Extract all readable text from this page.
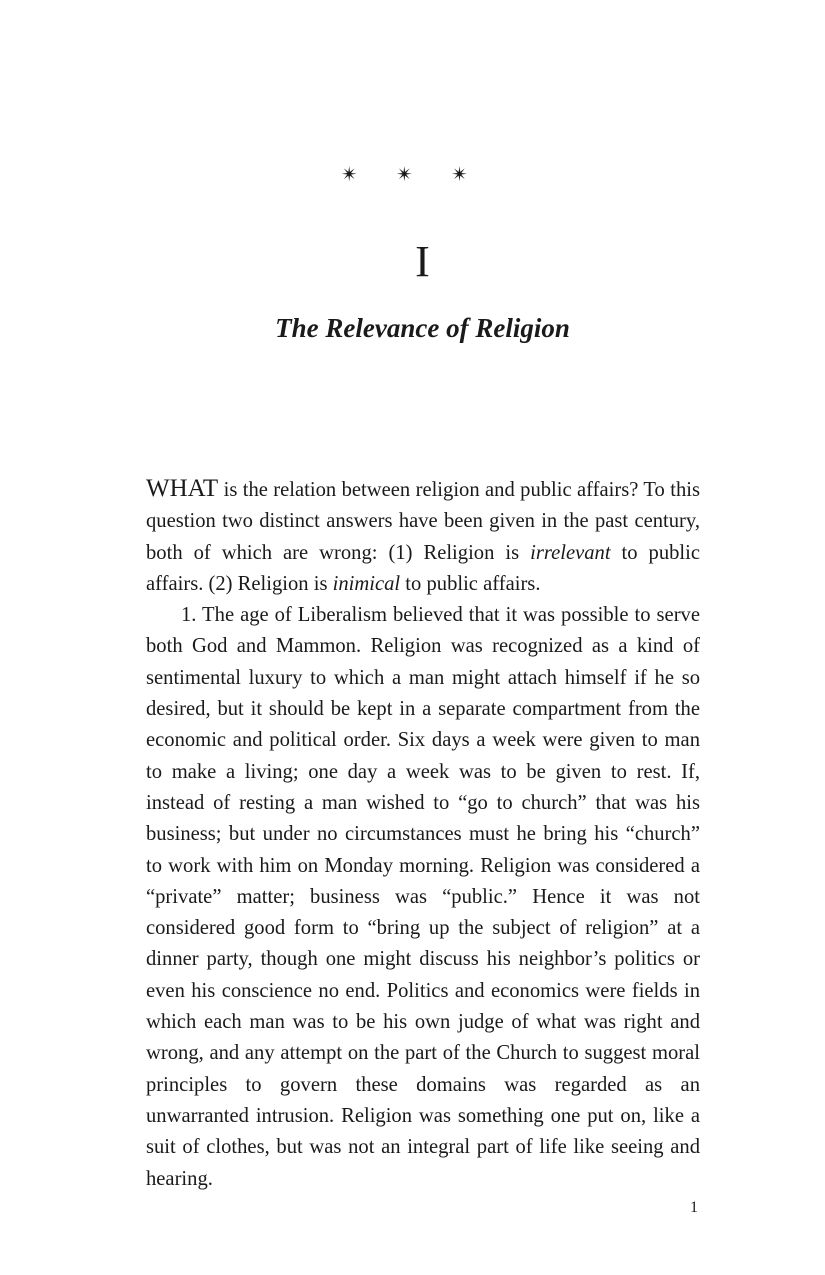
✴ ✴ ✴
I
The Relevance of Religion

WHAT is the relation between religion and public affairs? To this question two distinct answers have been given in the past century, both of which are wrong: (1) Religion is irrelevant to public affairs. (2) Religion is inimical to public affairs.

1. The age of Liberalism believed that it was possible to serve both God and Mammon. Religion was recognized as a kind of sentimental luxury to which a man might attach himself if he so desired, but it should be kept in a separate compartment from the economic and political order. Six days a week were given to man to make a living; one day a week was to be given to rest. If, instead of resting a man wished to “go to church” that was his business; but under no circumstances must he bring his “church” to work with him on Monday morning. Religion was considered a “private” matter; business was “public.” Hence it was not considered good form to “bring up the subject of religion” at a dinner party, though one might discuss his neighbor’s politics or even his conscience no end. Politics and economics were fields in which each man was to be his own judge of what was right and wrong, and any attempt on the part of the Church to suggest moral principles to govern these domains was regarded as an unwarranted intrusion. Religion was something one put on, like a suit of clothes, but was not an integral part of life like seeing and hearing.

1
